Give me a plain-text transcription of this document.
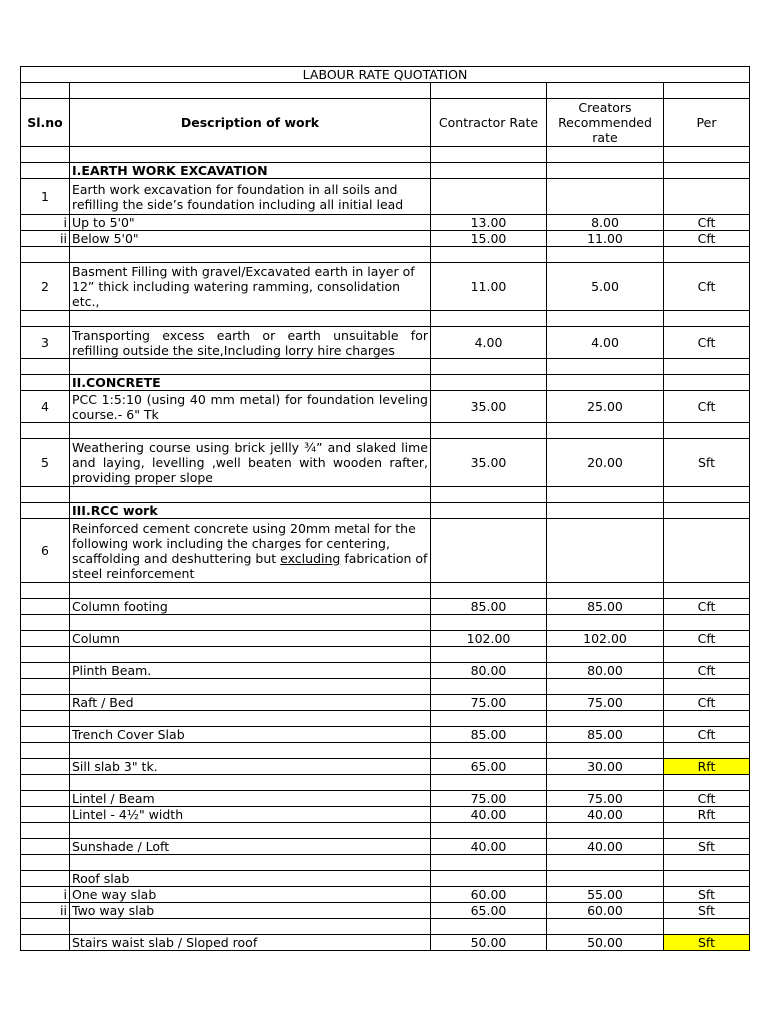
LABOUR RATE QUOTATION				

Sl.no	Description of work	Contractor Rate	Creators Recommended rate	Per

	I.EARTH WORK EXCAVATION			
1	Earth work excavation for foundation in all soils and refilling the side’s foundation including all initial lead			
i	Up to 5'0"	13.00	8.00	Cft
ii	Below 5'0"	15.00	11.00	Cft

2	Basment Filling with gravel/Excavated earth in layer of 12” thick including watering ramming, consolidation etc.,	11.00	5.00	Cft

3	Transporting excess earth or earth unsuitable for refilling outside the site,Including lorry hire charges	4.00	4.00	Cft

	II.CONCRETE			
4	PCC 1:5:10 (using 40 mm metal) for foundation leveling course.- 6" Tk	35.00	25.00	Cft

5	Weathering course using brick jellly ¾” and slaked lime and laying, levelling ,well beaten with wooden rafter, providing proper slope	35.00	20.00	Sft

	III.RCC work			
6	Reinforced cement concrete using 20mm metal for the following work including the charges for centering, scaffolding and deshuttering but excluding fabrication of steel reinforcement			

	Column footing	85.00	85.00	Cft

	Column	102.00	102.00	Cft

	Plinth Beam.	80.00	80.00	Cft

	Raft / Bed	75.00	75.00	Cft

	Trench Cover Slab	85.00	85.00	Cft

	Sill slab 3" tk.	65.00	30.00	Rft

	Lintel / Beam	75.00	75.00	Cft
	Lintel - 4½" width	40.00	40.00	Rft

	Sunshade / Loft	40.00	40.00	Sft

	Roof slab			
i	One way slab	60.00	55.00	Sft
ii	Two way slab	65.00	60.00	Sft

	Stairs waist slab / Sloped roof	50.00	50.00	Sft
